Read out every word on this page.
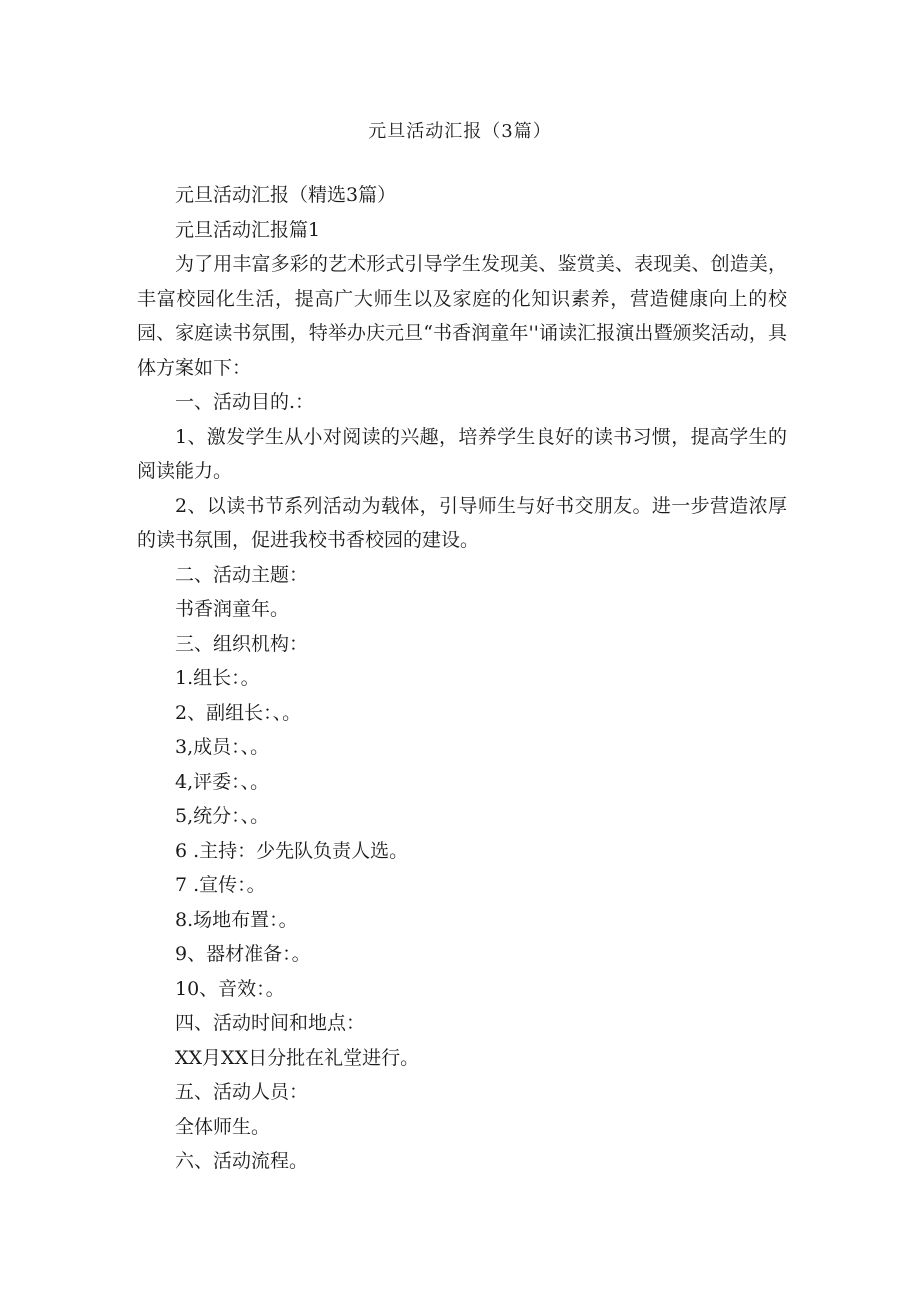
元旦活动汇报（3篇）

元旦活动汇报（精选3篇）

元旦活动汇报篇1

为了用丰富多彩的艺术形式引导学生发现美、鉴赏美、表现美、创造美，丰富校园化生活，提高广大师生以及家庭的化知识素养，营造健康向上的校园、家庭读书氛围，特举办庆元旦“书香润童年''诵读汇报演出暨颁奖活动，具体方案如下：

一、活动目的.：

1、激发学生从小对阅读的兴趣，培养学生良好的读书习惯，提高学生的阅读能力。

2、以读书节系列活动为载体，引导师生与好书交朋友。进一步营造浓厚的读书氛围，促进我校书香校园的建设。

二、活动主题：

书香润童年。

三、组织机构：

1.组长：。

2、副组长：、。

3,成员：、。

4,评委：、。

5,统分：、。

6 .主持：少先队负责人选。

7 .宣传：。

8.场地布置：。

9、器材准备：。

10、音效：。

四、活动时间和地点：

XX月XX日分批在礼堂进行。

五、活动人员：

全体师生。

六、活动流程。
